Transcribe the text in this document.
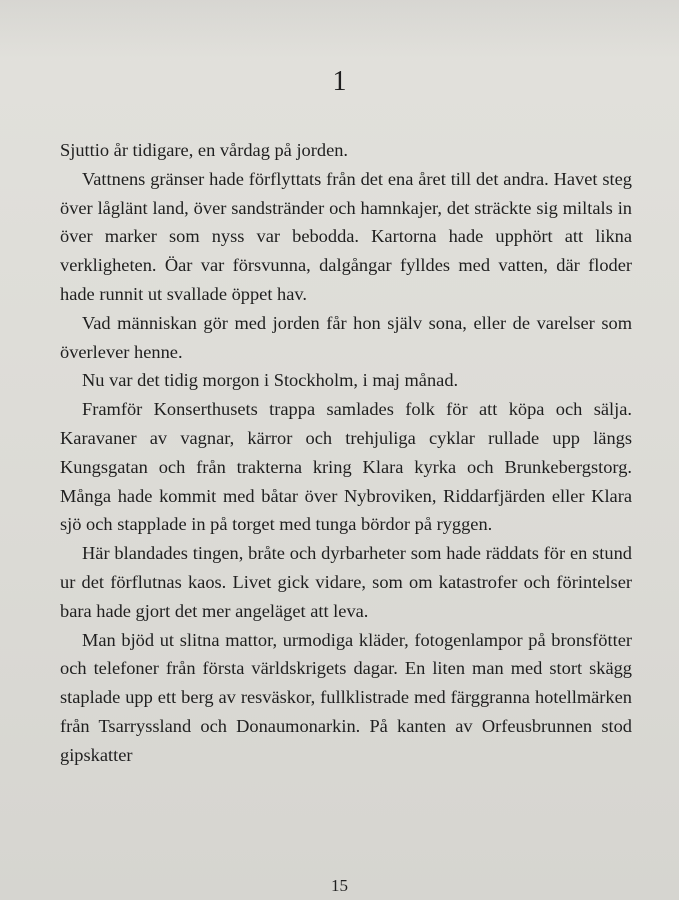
1

Sjuttio år tidigare, en vårdag på jorden.

Vattnens gränser hade förflyttats från det ena året till det andra. Havet steg över låglänt land, över sandstränder och hamnkajer, det sträckte sig miltals in över marker som nyss var bebodda. Kartorna hade upphört att likna verkligheten. Öar var försvunna, dalgångar fylldes med vatten, där floder hade runnit ut svallade öppet hav.

Vad människan gör med jorden får hon själv sona, eller de varelser som överlever henne.

Nu var det tidig morgon i Stockholm, i maj månad.

Framför Konserthusets trappa samlades folk för att köpa och sälja. Karavaner av vagnar, kärror och trehjuliga cyklar rullade upp längs Kungsgatan och från trakterna kring Klara kyrka och Brunkebergstorg. Många hade kommit med båtar över Nybroviken, Riddarfjärden eller Klara sjö och stapplade in på torget med tunga bördor på ryggen.

Här blandades tingen, bråte och dyrbarheter som hade räddats för en stund ur det förflutnas kaos. Livet gick vidare, som om katastrofer och förintelser bara hade gjort det mer angeläget att leva.

Man bjöd ut slitna mattor, urmodiga kläder, fotogenlampor på bronsfötter och telefoner från första världskrigets dagar. En liten man med stort skägg staplade upp ett berg av resväskor, fullklistrade med färggranna hotellmärken från Tsarryssland och Donaumonarkin. På kanten av Orfeusbrunnen stod gipskatter

15
